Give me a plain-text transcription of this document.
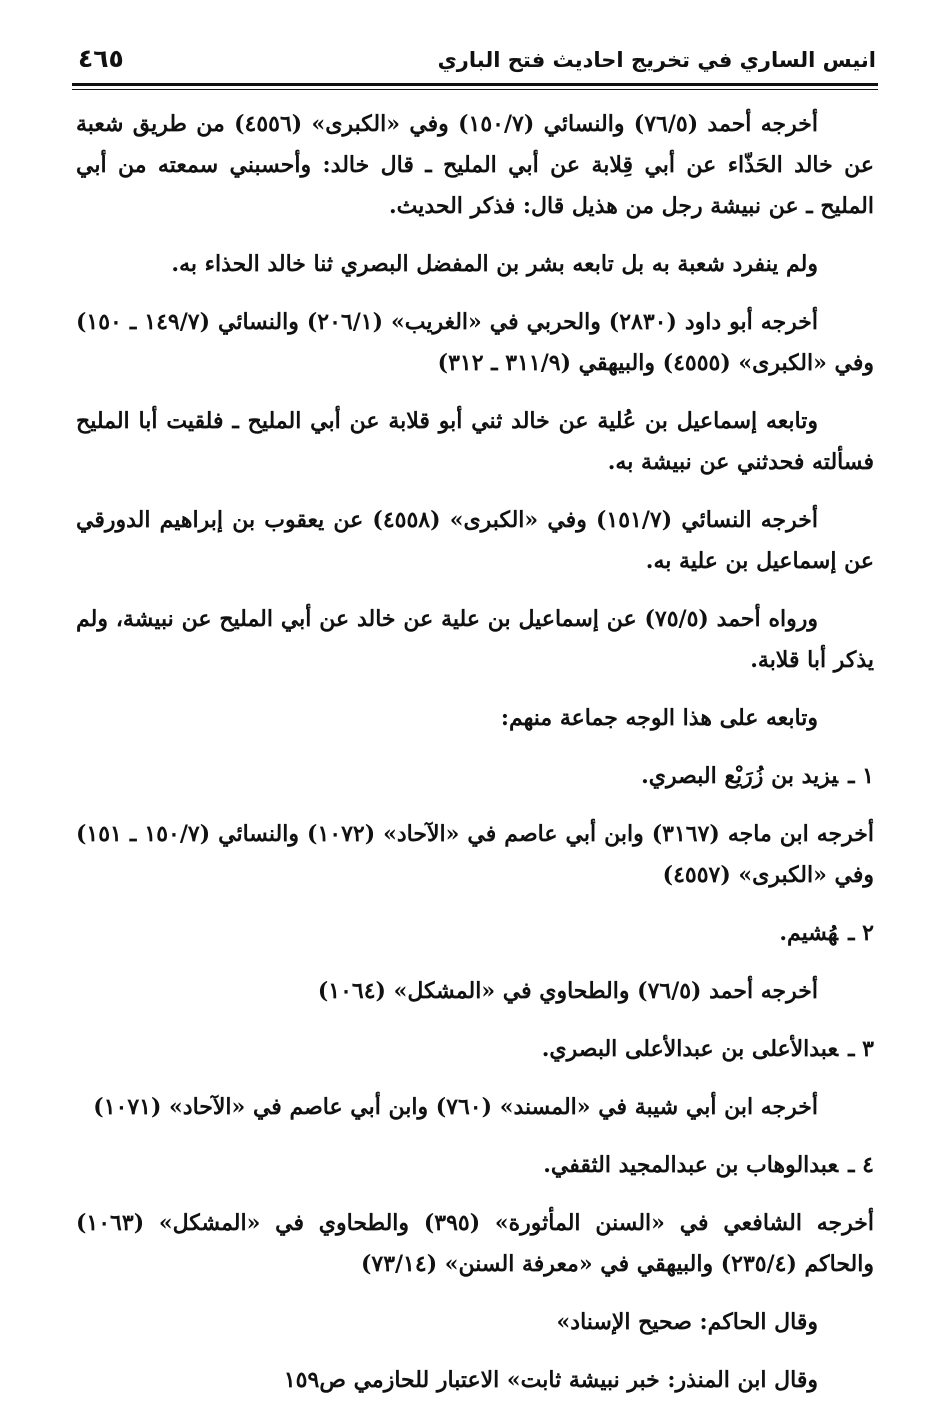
٤٦٥	انيس الساري في تخريج احاديث فتح الباري

أخرجه أحمد (٧٦/٥) والنسائي (١٥٠/٧) وفي «الكبرى» (٤٥٥٦) من طريق شعبة عن خالد الحَذّاء عن أبي قِلابة عن أبي المليح ـ قال خالد: وأحسبني سمعته من أبي المليح ـ عن نبيشة رجل من هذيل قال: فذكر الحديث.

ولم ينفرد شعبة به بل تابعه بشر بن المفضل البصري ثنا خالد الحذاء به.

أخرجه أبو داود (٢٨٣٠) والحربي في «الغريب» (٢٠٦/١) والنسائي (١٤٩/٧ ـ ١٥٠) وفي «الكبرى» (٤٥٥٥) والبيهقي (٣١١/٩ ـ ٣١٢)

وتابعه إسماعيل بن عُلية عن خالد ثني أبو قلابة عن أبي المليح ـ فلقيت أبا المليح فسألته فحدثني عن نبيشة به.

أخرجه النسائي (١٥١/٧) وفي «الكبرى» (٤٥٥٨) عن يعقوب بن إبراهيم الدورقي عن إسماعيل بن علية به.

ورواه أحمد (٧٥/٥) عن إسماعيل بن علية عن خالد عن أبي المليح عن نبيشة، ولم يذكر أبا قلابة.

وتابعه على هذا الوجه جماعة منهم:

١ ـيزيد بن زُرَيْع البصري.

أخرجه ابن ماجه (٣١٦٧) وابن أبي عاصم في «الآحاد» (١٠٧٢) والنسائي (١٥٠/٧ ـ ١٥١) وفي «الكبرى» (٤٥٥٧)

٢ ـهُشيم.

أخرجه أحمد (٧٦/٥) والطحاوي في «المشكل» (١٠٦٤)

٣ ـعبدالأعلى بن عبدالأعلى البصري.

أخرجه ابن أبي شيبة في «المسند» (٧٦٠) وابن أبي عاصم في «الآحاد» (١٠٧١)

٤ ـعبدالوهاب بن عبدالمجيد الثقفي.

أخرجه الشافعي في «السنن المأثورة» (٣٩٥) والطحاوي في «المشكل» (١٠٦٣) والحاكم (٢٣٥/٤) والبيهقي في «معرفة السنن» (٧٣/١٤)

وقال الحاكم: صحيح الإسناد»

وقال ابن المنذر: خبر نبيشة ثابت» الاعتبار للحازمي ص١٥٩
